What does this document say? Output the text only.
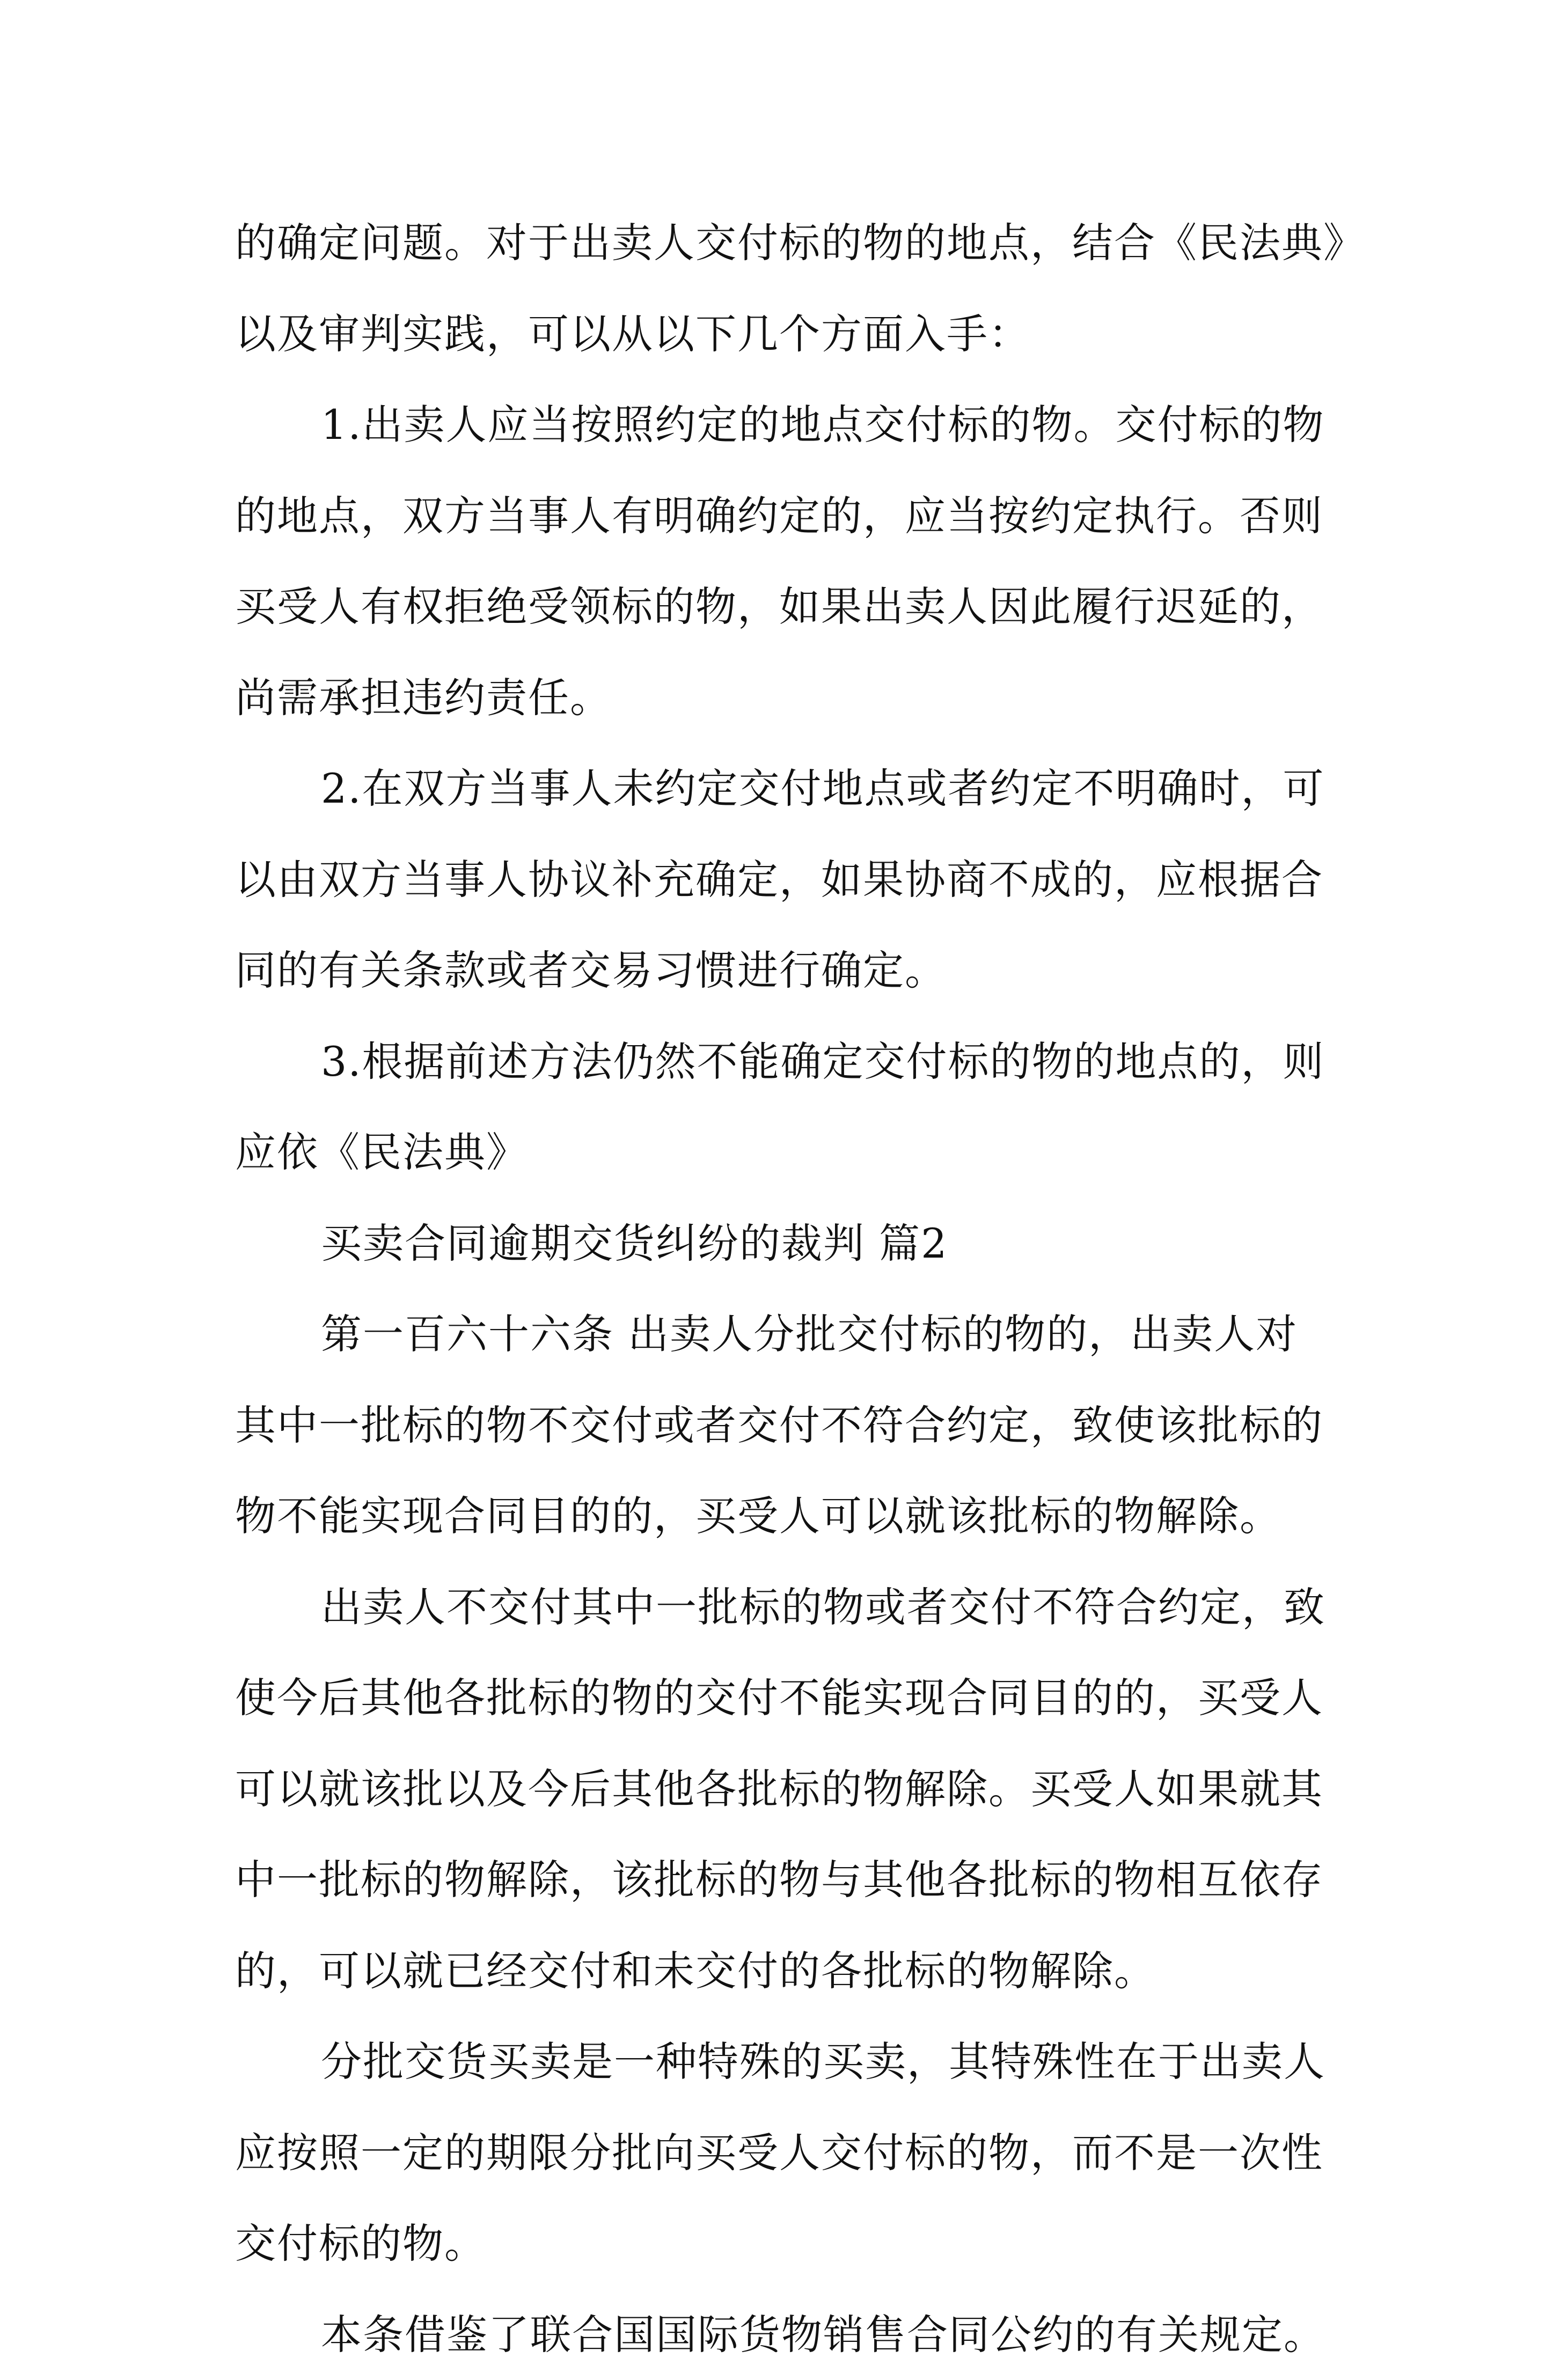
的确定问题。对于出卖人交付标的物的地点，结合《民法典》
以及审判实践，可以从以下几个方面入手：
1.出卖人应当按照约定的地点交付标的物。交付标的物
的地点，双方当事人有明确约定的，应当按约定执行。否则
买受人有权拒绝受领标的物，如果出卖人因此履行迟延的，
尚需承担违约责任。
2.在双方当事人未约定交付地点或者约定不明确时，可
以由双方当事人协议补充确定，如果协商不成的，应根据合
同的有关条款或者交易习惯进行确定。
3.根据前述方法仍然不能确定交付标的物的地点的，则
应依《民法典》
买卖合同逾期交货纠纷的裁判 篇2
第一百六十六条 出卖人分批交付标的物的，出卖人对
其中一批标的物不交付或者交付不符合约定，致使该批标的
物不能实现合同目的的，买受人可以就该批标的物解除。
出卖人不交付其中一批标的物或者交付不符合约定，致
使今后其他各批标的物的交付不能实现合同目的的，买受人
可以就该批以及今后其他各批标的物解除。买受人如果就其
中一批标的物解除，该批标的物与其他各批标的物相互依存
的，可以就已经交付和未交付的各批标的物解除。
分批交货买卖是一种特殊的买卖，其特殊性在于出卖人
应按照一定的期限分批向买受人交付标的物，而不是一次性
交付标的物。
本条借鉴了联合国国际货物销售合同公约的有关规定。
